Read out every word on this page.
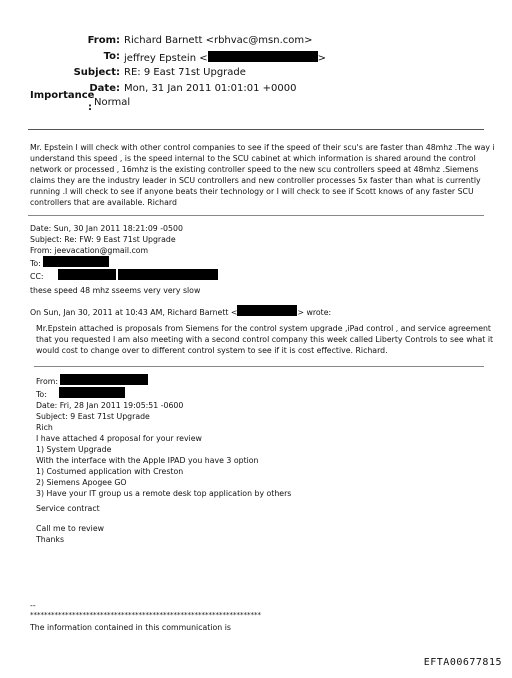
From: Richard Barnett <rbhvac@msn.com>
To: jeffrey Epstein <	>
Subject: RE: 9 East 71st Upgrade
Date: Mon, 31 Jan 2011 01:01:01 +0000
Importance
: Normal
Mr. Epstein I will check with other control companies to see if the speed of their scu's are faster than 48mhz .The way i
understand this speed , is the speed internal to the SCU cabinet at which information is shared around the control
network or processed , 16mhz is the existing controller speed to the new scu controllers speed at 48mhz .Siemens
claims they are the industry leader in SCU controllers and new controller processes 5x faster than what is currently
running .I will check to see if anyone beats their technology or I will check to see if Scott knows of any faster SCU
controllers that are available. Richard
Date: Sun, 30 Jan 2011 18:21:09 -0500
Subject: Re: FW: 9 East 71st Upgrade
From: jeevacation@gmail.com
To:
CC:
these speed 48 mhz sseems very very slow
On Sun, Jan 30, 2011 at 10:43 AM, Richard Barnett <	> wrote:
Mr.Epstein attached is proposals from Siemens for the control system upgrade ,iPad control , and service agreement
that you requested I am also meeting with a second control company this week called Liberty Controls to see what it
would cost to change over to different control system to see if it is cost effective. Richard.
From:
To:
Date: Fri, 28 Jan 2011 19:05:51 -0600
Subject: 9 East 71st Upgrade
Rich
I have attached 4 proposal for your review
1) System Upgrade
With the interface with the Apple IPAD you have 3 option
1) Costumed application with Creston
2) Siemens Apogee GO
3) Have your IT group us a remote desk top application by others
Service contract
Call me to review
Thanks
--
******************************************************************
The information contained in this communication is
EFTA00677815
